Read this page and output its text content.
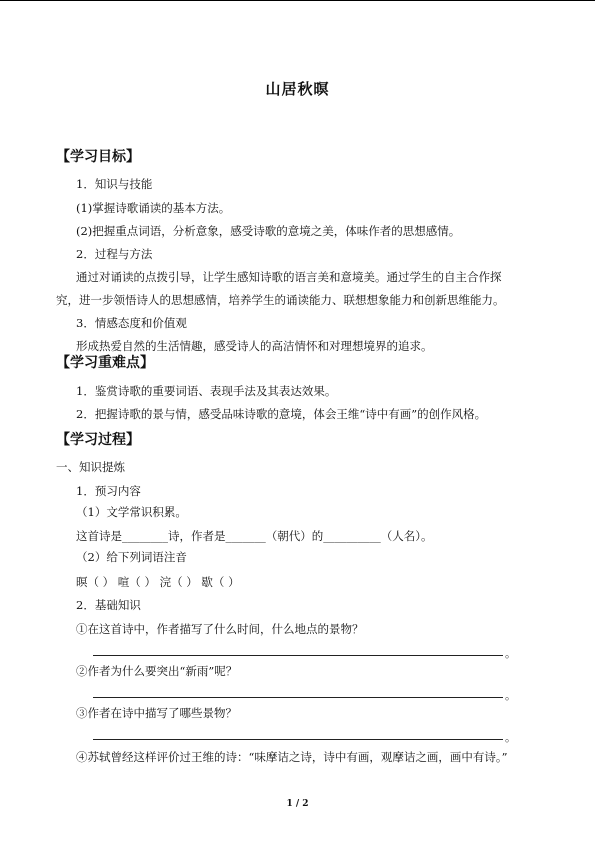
山居秋暝
【学习目标】
1．知识与技能
(1)掌握诗歌诵读的基本方法。
(2)把握重点词语，分析意象，感受诗歌的意境之美，体味作者的思想感情。
2．过程与方法
通过对诵读的点拨引导，让学生感知诗歌的语言美和意境美。通过学生的自主合作探
究，进一步领悟诗人的思想感情，培养学生的诵读能力、联想想象能力和创新思维能力。
3．情感态度和价值观
形成热爱自然的生活情趣，感受诗人的高洁情怀和对理想境界的追求。
【学习重难点】
1．鉴赏诗歌的重要词语、表现手法及其表达效果。
2．把握诗歌的景与情，感受品味诗歌的意境，体会王维“诗中有画”的创作风格。
【学习过程】
一、知识提炼
1．预习内容
（1）文学常识积累。
这首诗是________诗，作者是_______（朝代）的__________（人名）。
（2）给下列词语注音
暝（ ） 喧（ ） 浣（ ） 歇（ ）
2．基础知识
①在这首诗中，作者描写了什么时间，什么地点的景物？
。
②作者为什么要突出“新雨”呢？
。
③作者在诗中描写了哪些景物？
。
④苏轼曾经这样评价过王维的诗：“味摩诘之诗，诗中有画，观摩诘之画，画中有诗。”
1 / 2
